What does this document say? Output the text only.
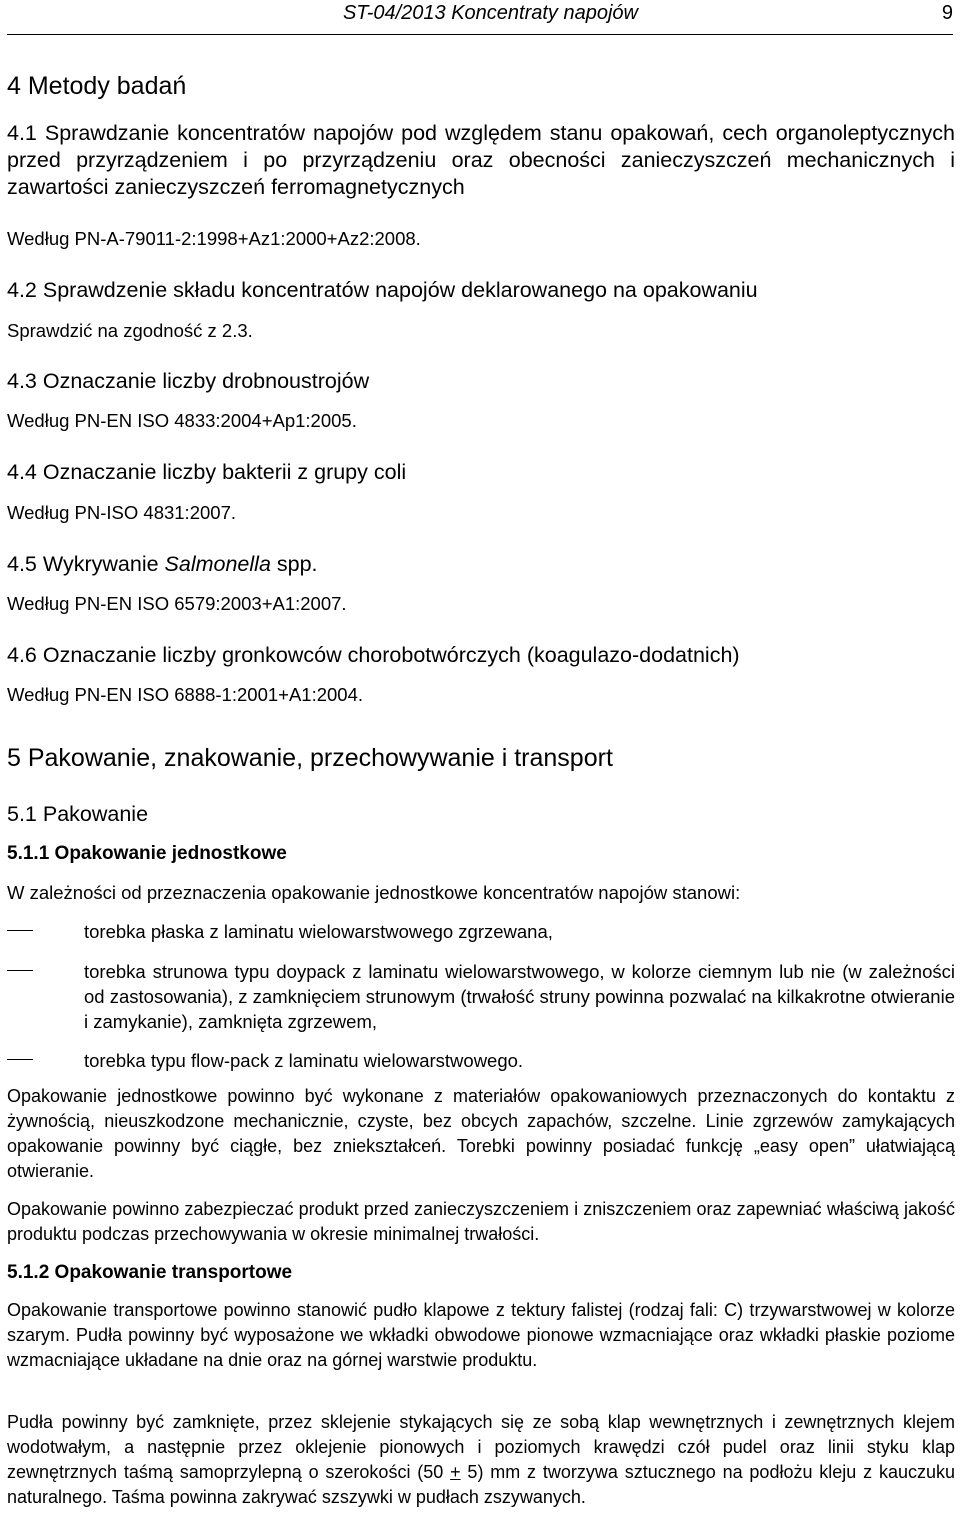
ST-04/2013 Koncentraty napojów	9
4 Metody badań
4.1 Sprawdzanie koncentratów napojów pod względem stanu opakowań, cech organoleptycznych przed przyrządzeniem i po przyrządzeniu oraz obecności zanieczyszczeń mechanicznych i zawartości zanieczyszczeń ferromagnetycznych
Według PN-A-79011-2:1998+Az1:2000+Az2:2008.
4.2 Sprawdzenie składu koncentratów napojów deklarowanego na opakowaniu
Sprawdzić na zgodność z 2.3.
4.3 Oznaczanie liczby drobnoustrojów
Według PN-EN ISO 4833:2004+Ap1:2005.
4.4 Oznaczanie liczby bakterii z grupy coli
Według PN-ISO 4831:2007.
4.5 Wykrywanie Salmonella spp.
Według PN-EN ISO 6579:2003+A1:2007.
4.6 Oznaczanie liczby gronkowców chorobotwórczych (koagulazo-dodatnich)
Według PN-EN ISO 6888-1:2001+A1:2004.
5 Pakowanie, znakowanie, przechowywanie i transport
5.1 Pakowanie
5.1.1 Opakowanie jednostkowe
W zależności od przeznaczenia opakowanie jednostkowe koncentratów napojów stanowi:
torebka płaska z laminatu wielowarstwowego zgrzewana,
torebka strunowa typu doypack z laminatu wielowarstwowego, w kolorze ciemnym lub nie (w zależności od zastosowania), z zamknięciem strunowym (trwałość struny powinna pozwalać na kilkakrotne otwieranie i zamykanie), zamknięta zgrzewem,
torebka typu flow-pack z laminatu wielowarstwowego.
Opakowanie jednostkowe powinno być wykonane z materiałów opakowaniowych przeznaczonych do kontaktu z żywnością, nieuszkodzone mechanicznie, czyste, bez obcych zapachów, szczelne. Linie zgrzewów zamykających opakowanie powinny być ciągłe, bez zniekształceń. Torebki powinny posiadać funkcję „easy open” ułatwiającą otwieranie.
Opakowanie powinno zabezpieczać produkt przed zanieczyszczeniem i zniszczeniem oraz zapewniać właściwą jakość produktu podczas przechowywania w okresie minimalnej trwałości.
5.1.2 Opakowanie transportowe
Opakowanie transportowe powinno stanowić pudło klapowe z tektury falistej (rodzaj fali: C) trzywarstwowej w kolorze szarym. Pudła powinny być wyposażone we wkładki obwodowe pionowe wzmacniające oraz wkładki płaskie poziome wzmacniające układane na dnie oraz na górnej warstwie produktu.
Pudła powinny być zamknięte, przez sklejenie stykających się ze sobą klap wewnętrznych i zewnętrznych klejem wodotwałym, a następnie przez oklejenie pionowych i poziomych krawędzi czół pudel oraz linii styku klap zewnętrznych taśmą samoprzylepną o szerokości (50 + 5) mm z tworzywa sztucznego na podłożu kleju z kauczuku naturalnego. Taśma powinna zakrywać szszywki w pudłach zszywanych.
